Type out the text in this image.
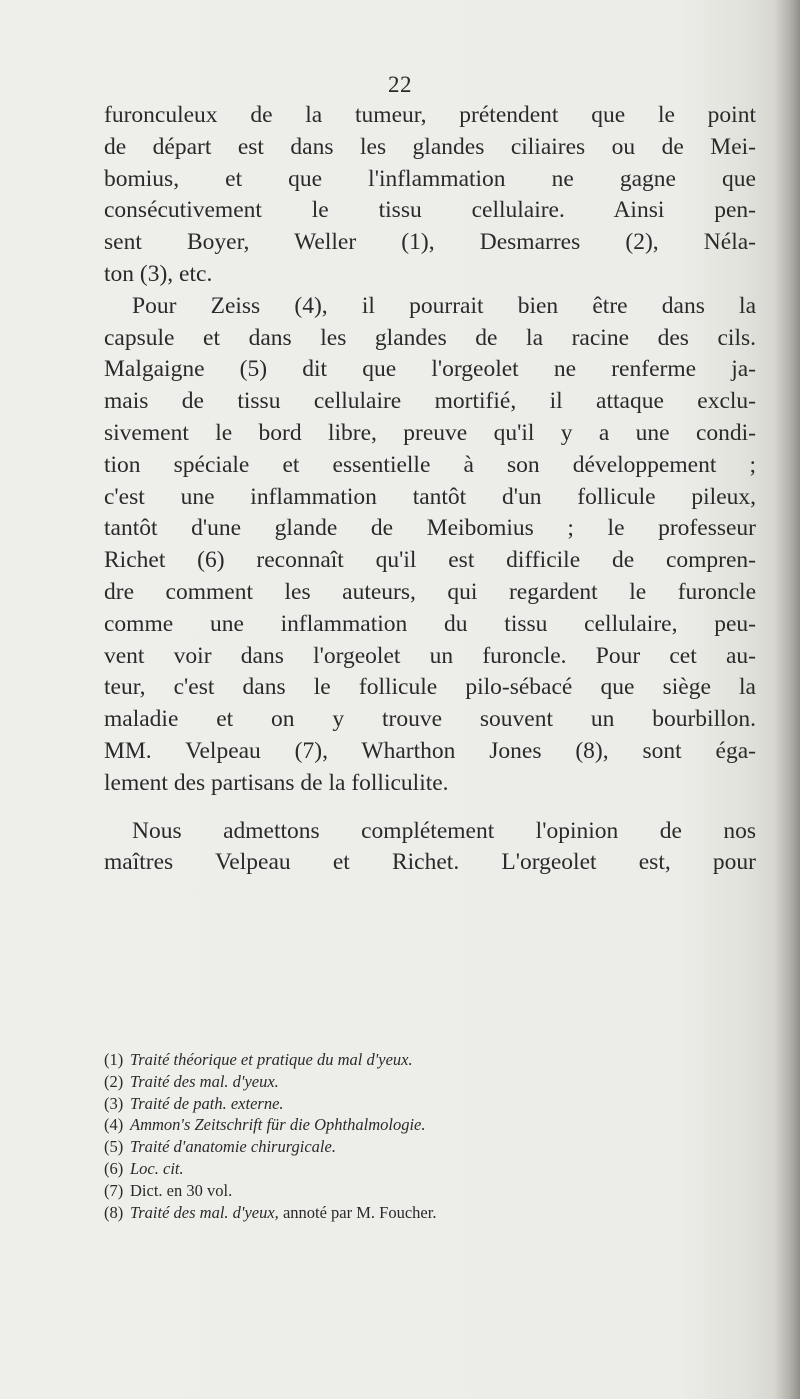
22
furonculeux de la tumeur, prétendent que le point
de départ est dans les glandes ciliaires ou de Mei-
bomius, et que l'inflammation ne gagne que
consécutivement le tissu cellulaire. Ainsi pen-
sent Boyer, Weller (1), Desmarres (2), Néla-
ton (3), etc.
Pour Zeiss (4), il pourrait bien être dans la
capsule et dans les glandes de la racine des cils.
Malgaigne (5) dit que l'orgeolet ne renferme ja-
mais de tissu cellulaire mortifié, il attaque exclu-
sivement le bord libre, preuve qu'il y a une condi-
tion spéciale et essentielle à son développement ;
c'est une inflammation tantôt d'un follicule pileux,
tantôt d'une glande de Meibomius ; le professeur
Richet (6) reconnaît qu'il est difficile de compren-
dre comment les auteurs, qui regardent le furoncle
comme une inflammation du tissu cellulaire, peu-
vent voir dans l'orgeolet un furoncle. Pour cet au-
teur, c'est dans le follicule pilo-sébacé que siège la
maladie et on y trouve souvent un bourbillon.
MM. Velpeau (7), Wharthon Jones (8), sont éga-
lement des partisans de la folliculite.
Nous admettons complétement l'opinion de nos
maîtres Velpeau et Richet. L'orgeolet est, pour
(1) Traité théorique et pratique du mal d'yeux.
(2) Traité des mal. d'yeux.
(3) Traité de path. externe.
(4) Ammon's Zeitschrift für die Ophthalmologie.
(5) Traité d'anatomie chirurgicale.
(6) Loc. cit.
(7) Dict. en 30 vol.
(8) Traité des mal. d'yeux, annoté par M. Foucher.
